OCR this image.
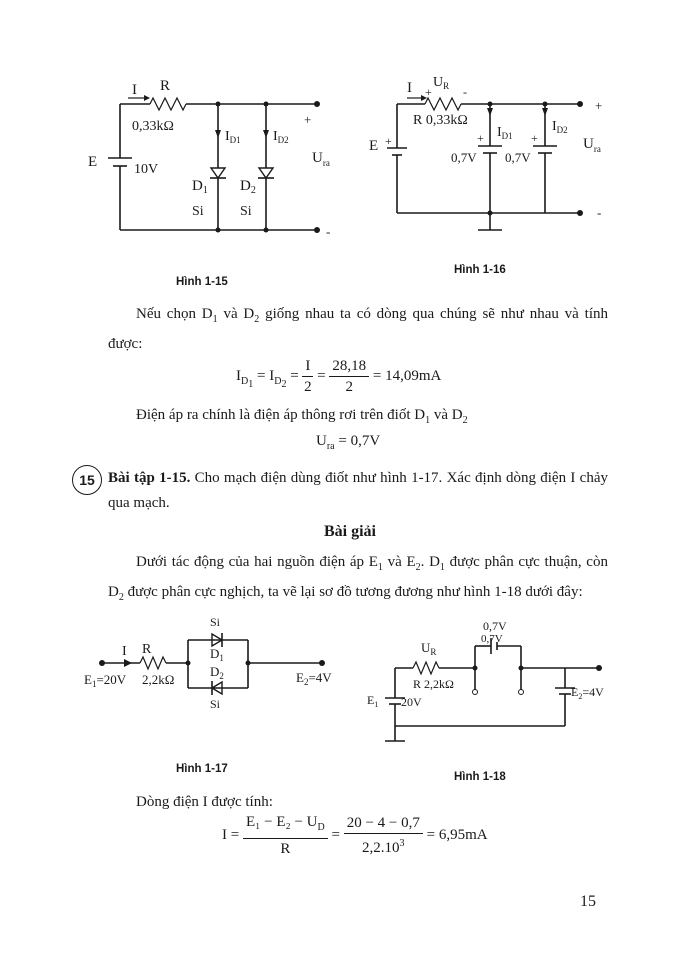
I R
0,33kΩ
E	10V
$I_{D1}$ $I_{D2}$
$D_1$ $D_2$
Si	Si
+
-
$U_{ra}$
Hình 1-15
I $U_R$
+	-
R 0,33kΩ
E +
$I_{D1}$
$I_{D2}$
+	+
0,7V 0,7V
+
-
$U_{ra}$
Hình 1-16
Nếu chọn $D_1$ và $D_2$ giống nhau ta có dòng qua chúng sẽ như nhau và tính được:
$I_{D_1} = I_{D_2} = \frac{I}{2} = \frac{28,18}{2} = 14,09mA$
Điện áp ra chính là điện áp thông rơi trên điốt $D_1$ và $D_2$
$U_{ra} = 0,7V$
15 Bài tập 1-15. Cho mạch điện dùng điốt như hình 1-17. Xác định dòng điện I chảy qua mạch.
Bài giải
Dưới tác động của hai nguồn điện áp $E_1$ và $E_2$. $D_1$ được phân cực thuận, còn $D_2$ được phân cực nghịch, ta vẽ lại sơ đồ tương đương như hình 1-18 dưới đây:
I R
2,2kΩ
$E_1=20V$
Si
$D_1$
$D_2$
Si
$E_2=4V$
Hình 1-17
0,7V
0,7V
$U_R$
R 2,2kΩ
$E_1$ 20V
$E_2=4V$
Hình 1-18
Dòng điện I được tính:
$I = \frac{E_1 - E_2 - U_D}{R} = \frac{20 - 4 - 0,7}{2,2.10^3} = 6,95mA$
15
